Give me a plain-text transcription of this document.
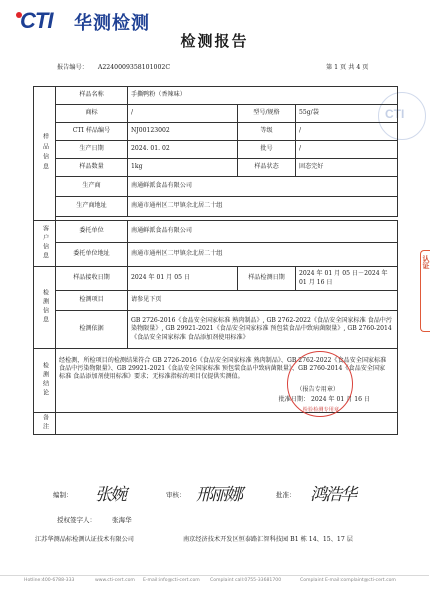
CTI 华测检测
检测报告
报告编号： A2240009358101002C	第 1 页 共 4 页
CTI
认证
样品信息	样品名称	手撕鸭粉（香辣味）		
	商标	/	型号/规格	55g/袋
	CTI 样品编号	NJ00123002	等级	/
	生产日期	2024. 01. 02	批号	/
	样品数量	1kg	样品状态	固态完好
	生产商	南通鲜派食品有限公司		
	生产商地址	南通市通州区二甲镇余北居二十组		

客户信息	委托单位	南通鲜派食品有限公司		
	委托单位地址	南通市通州区二甲镇余北居二十组		

检测信息	样品接收日期	2024 年 01 月 05 日	样品检测日期	2024 年 01 月 05 日－2024 年 01 月 16 日
	检测项目	请参见下页		
	检测依据	GB 2726-2016《食品安全国家标准 熟肉制品》, GB 2762-2022《食品安全国家标准 食品中污染物限量》, GB 29921-2021《食品安全国家标准 预包装食品中致病菌限量》, GB 2760-2014《食品安全国家标准 食品添加剂使用标准》		

检测结论	经检测，所检项目的检测结果符合 GB 2726-2016《食品安全国家标准 熟肉制品》、GB 2762-2022《食品安全国家标准 食品中污染物限量》、GB 29921-2021《食品安全国家标准 预包装食品中致病菌限量》、GB 2760-2014《食品安全国家标准 食品添加剂使用标准》要求；无标准指标的项目仅提供实测值。
（报告专用章）
批准日期： 2024 年 01 月 16 日
检验检测专用章			

备注				

编制： 张婉	审核： 邢丽娜	批准： 鸿浩华
授权签字人： 张海华
江苏华测品标检测认证技术有限公司	南京经济技术开发区恒泰路汇智科技园 B1 栋 14、15、17 层
Hotline:400-6788-333	www.cti-cert.com E-mail:info@cti-cert.com Complaint call:0755-33681700	Complaint E-mail:complaint@cti-cert.com
